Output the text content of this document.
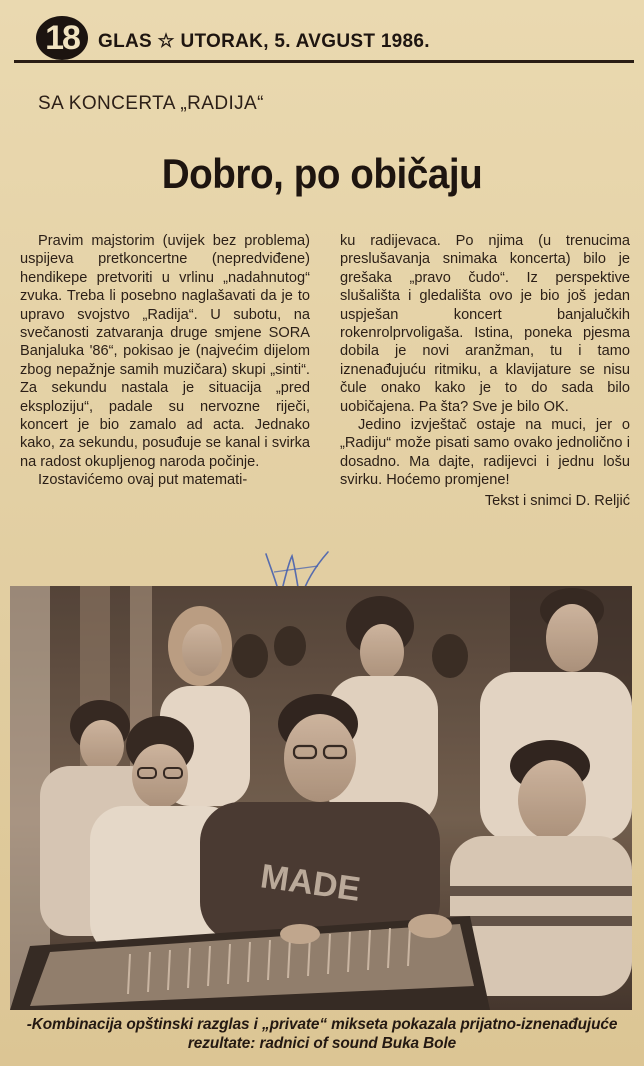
18	GLAS ☆ UTORAK, 5. AVGUST 1986.
SA KONCERTA „RADIJA“
Dobro, po običaju

Pravim majstorim (uvijek bez problema) uspijeva pretkoncertne (nepredviđene) hendikepe pretvoriti u vrlinu „nadahnutog“ zvuka. Treba li posebno naglašavati da je to upravo svojstvo „Radija“. U subotu, na svečanosti zatvaranja druge smjene SORA Banjaluka '86“, pokisao je (najvećim dijelom zbog nepažnje samih muzičara) skupi „sinti“. Za sekundu nastala je situacija „pred eksploziju“, padale su nervozne riječi, koncert je bio zamalo ad acta. Jednako kako, za sekundu, posuđuje se kanal i svirka na radost okupljenog naroda počinje.

Izostavićemo ovaj put matemati-

ku radijevaca. Po njima (u trenucima preslušavanja snimaka koncerta) bilo je grešaka „pravo čudo“. Iz perspektive slušališta i gledališta ovo je bio još jedan uspješan koncert banjalučkih rokenrolprvoligaša. Istina, poneka pjesma dobila je novi aranžman, tu i tamo iznenađujuću ritmiku, a klavijature se nisu čule onako kako je to do sada bilo uobičajena. Pa šta? Sve je bilo OK.

Jedino izvještač ostaje na muci, jer o „Radiju“ može pisati samo ovako jednolično i dosadno. Ma dajte, radijevci i jednu lošu svirku. Hoćemo promjene!

Tekst i snimci D. Reljić
MADE
-Kombinacija opštinski razglas i „private“ mikseta pokazala prijatno-iznenađujuće rezultate: radnici of sound Buka Bole
